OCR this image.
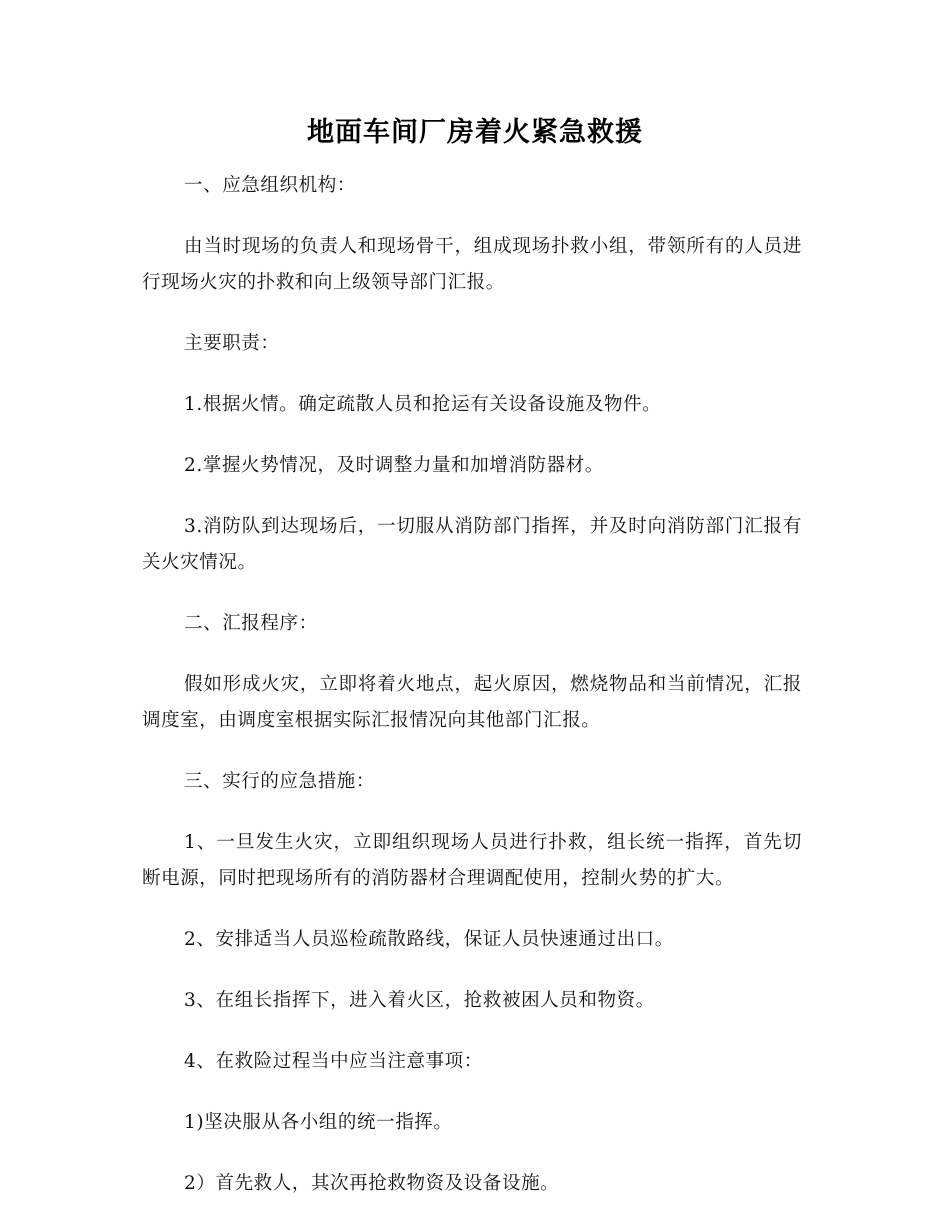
地面车间厂房着火紧急救援

一、应急组织机构：

由当时现场的负责人和现场骨干，组成现场扑救小组，带领所有的人员进行现场火灾的扑救和向上级领导部门汇报。

主要职责：

1.根据火情。确定疏散人员和抢运有关设备设施及物件。

2.掌握火势情况，及时调整力量和加增消防器材。

3.消防队到达现场后，一切服从消防部门指挥，并及时向消防部门汇报有关火灾情况。

二、汇报程序：

假如形成火灾，立即将着火地点，起火原因，燃烧物品和当前情况，汇报调度室，由调度室根据实际汇报情况向其他部门汇报。

三、实行的应急措施：

1、一旦发生火灾，立即组织现场人员进行扑救，组长统一指挥，首先切断电源，同时把现场所有的消防器材合理调配使用，控制火势的扩大。

2、安排适当人员巡检疏散路线，保证人员快速通过出口。

3、在组长指挥下，进入着火区，抢救被困人员和物资。

4、在救险过程当中应当注意事项：

1)坚决服从各小组的统一指挥。

2）首先救人，其次再抢救物资及设备设施。
